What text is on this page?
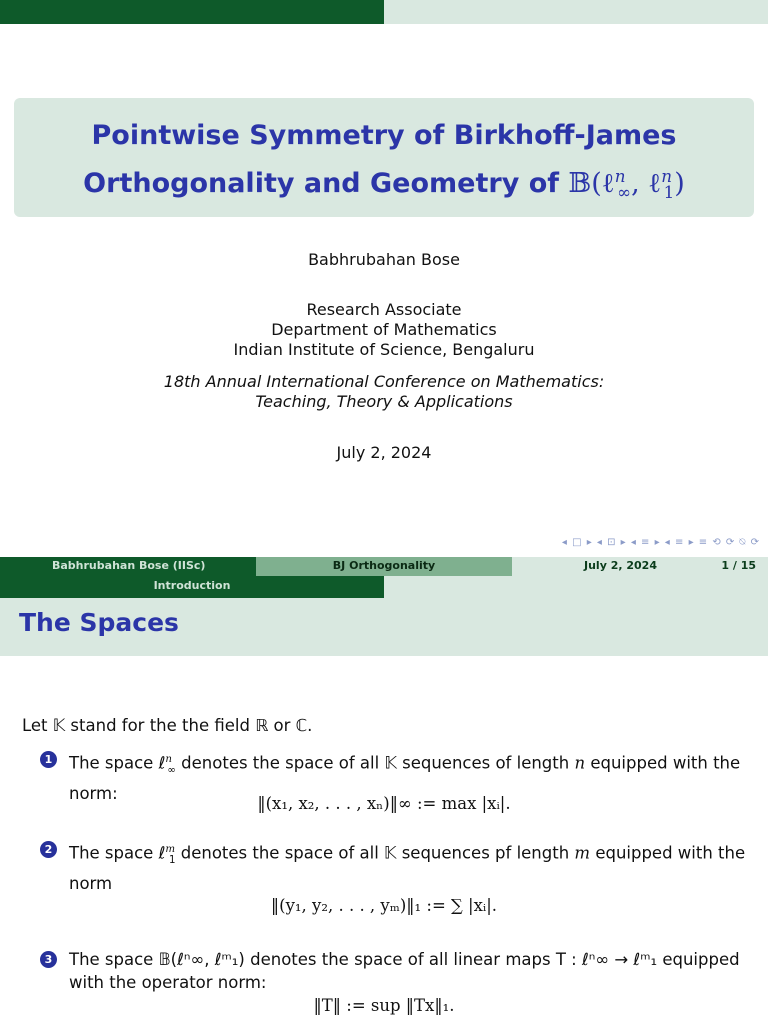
Pointwise Symmetry of Birkhoff-James
Orthogonality and Geometry of 𝔹(ℓ$^n_\infty$, ℓ$^n_1$)
Babhrubahan Bose
Research Associate
Department of Mathematics
Indian Institute of Science, Bengaluru
18th Annual International Conference on Mathematics:
Teaching, Theory & Applications
July 2, 2024
◂ □ ▸ ◂ ⊡ ▸ ◂ ≡ ▸ ◂ ≡ ▸ ≡ ⟲ ⟳ ⍉ ⟳
Babhrubahan Bose (IISc)	BJ Orthogonality	July 2, 2024	1 / 15
Introduction
The Spaces
Let 𝕂 stand for the the field ℝ or ℂ.
1 The space ℓ$^n_\infty$ denotes the space of all 𝕂 sequences of length n equipped with the
norm:
‖(x₁, x₂, . . . , xₙ)‖∞ := max |xᵢ|.
2 The space ℓ$^m_1$ denotes the space of all 𝕂 sequences pf length m equipped with the
norm
‖(y₁, y₂, . . . , yₘ)‖₁ := ∑ |xᵢ|.
3 The space 𝔹(ℓⁿ∞, ℓᵐ₁) denotes the space of all linear maps T : ℓⁿ∞ → ℓᵐ₁ equipped
with the operator norm:
‖T‖ := sup ‖Tx‖₁.
